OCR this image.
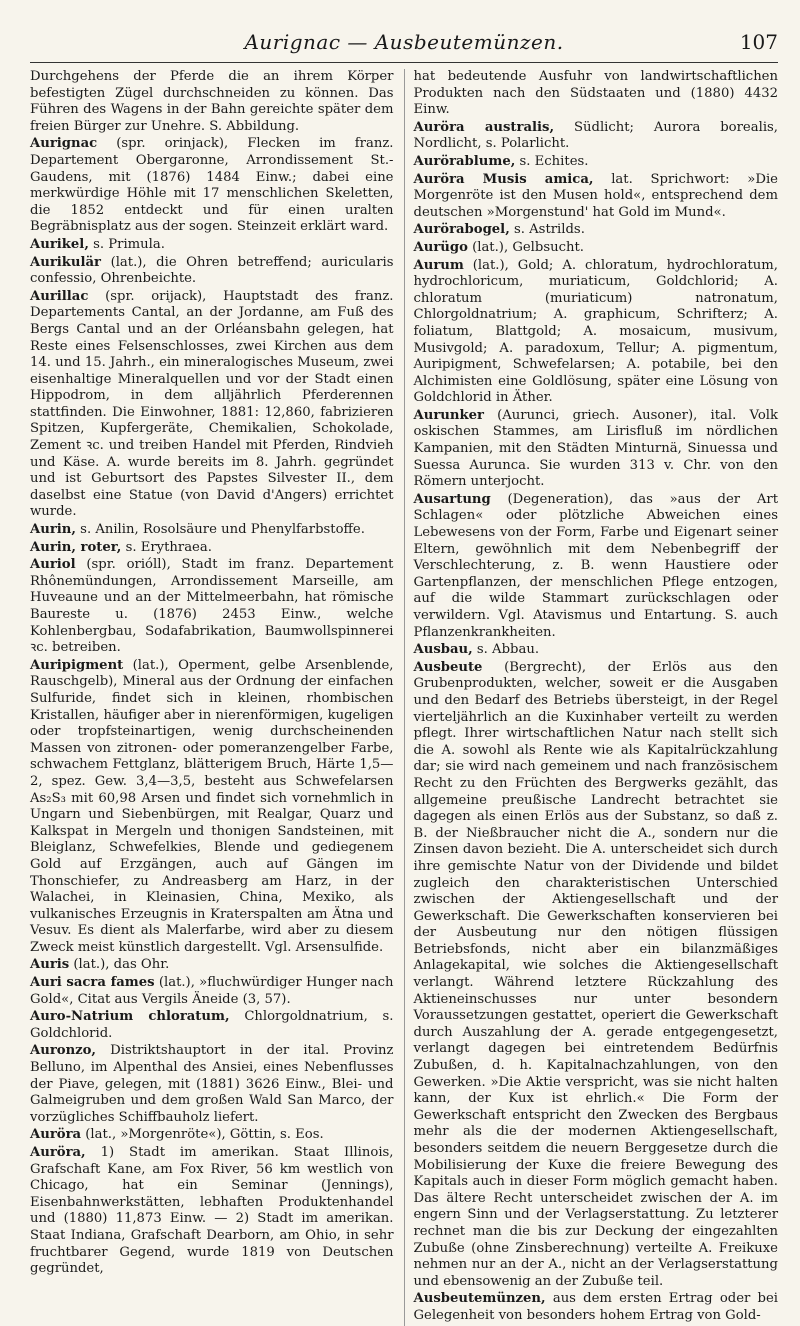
Aurignac — Ausbeutemünzen.	107

Durchgehens der Pferde die an ihrem Körper befestigten Zügel durchschneiden zu können. Das Führen des Wagens in der Bahn gereichte später dem freien Bürger zur Unehre. S. Abbildung.

Aurignac (spr. orinjack), Flecken im franz. Departement Obergaronne, Arrondissement St.-Gaudens, mit (1876) 1484 Einw.; dabei eine merkwürdige Höhle mit 17 menschlichen Skeletten, die 1852 entdeckt und für einen uralten Begräbnisplatz aus der sogen. Steinzeit erklärt ward.

Aurikel, s. Primula.

Aurikulär (lat.), die Ohren betreffend; auricularis confessio, Ohrenbeichte.

Aurillac (spr. orijack), Hauptstadt des franz. Departements Cantal, an der Jordanne, am Fuß des Bergs Cantal und an der Orléansbahn gelegen, hat Reste eines Felsenschlosses, zwei Kirchen aus dem 14. und 15. Jahrh., ein mineralogisches Museum, zwei eisenhaltige Mineralquellen und vor der Stadt einen Hippodrom, in dem alljährlich Pferderennen stattfinden. Die Einwohner, 1881: 12,860, fabrizieren Spitzen, Kupfergeräte, Chemikalien, Schokolade, Zement ꝛc. und treiben Handel mit Pferden, Rindvieh und Käse. A. wurde bereits im 8. Jahrh. gegründet und ist Geburtsort des Papstes Silvester II., dem daselbst eine Statue (von David d'Angers) errichtet wurde.

Aurin, s. Anilin, Rosolsäure und Phenylfarbstoffe.

Aurin, roter, s. Erythraea.

Auriol (spr. orióll), Stadt im franz. Departement Rhônemündungen, Arrondissement Marseille, am Huveaune und an der Mittelmeerbahn, hat römische Baureste u. (1876) 2453 Einw., welche Kohlenbergbau, Sodafabrikation, Baumwollspinnerei ꝛc. betreiben.

Auripigment (lat.), Operment, gelbe Arsenblende, Rauschgelb), Mineral aus der Ordnung der einfachen Sulfuride, findet sich in kleinen, rhombischen Kristallen, häufiger aber in nierenförmigen, kugeligen oder tropfsteinartigen, wenig durchscheinenden Massen von zitronen- oder pomeranzengelber Farbe, schwachem Fettglanz, blätterigem Bruch, Härte 1,5—2, spez. Gew. 3,4—3,5, besteht aus Schwefelarsen As₂S₃ mit 60,98 Arsen und findet sich vornehmlich in Ungarn und Siebenbürgen, mit Realgar, Quarz und Kalkspat in Mergeln und thonigen Sandsteinen, mit Bleiglanz, Schwefelkies, Blende und gediegenem Gold auf Erzgängen, auch auf Gängen im Thonschiefer, zu Andreasberg am Harz, in der Walachei, in Kleinasien, China, Mexiko, als vulkanisches Erzeugnis in Kraterspalten am Ätna und Vesuv. Es dient als Malerfarbe, wird aber zu diesem Zweck meist künstlich dargestellt. Vgl. Arsensulfide.

Auris (lat.), das Ohr.

Auri sacra fames (lat.), »fluchwürdiger Hunger nach Gold«, Citat aus Vergils Äneide (3, 57).

Auro-Natrium chloratum, Chlorgoldnatrium, s. Goldchlorid.

Auronzo, Distriktshauptort in der ital. Provinz Belluno, im Alpenthal des Ansiei, eines Nebenflusses der Piave, gelegen, mit (1881) 3626 Einw., Blei- und Galmeigruben und dem großen Wald San Marco, der vorzügliches Schiffbauholz liefert.

Auröra (lat., »Morgenröte«), Göttin, s. Eos.

Auröra, 1) Stadt im amerikan. Staat Illinois, Grafschaft Kane, am Fox River, 56 km westlich von Chicago, hat ein Seminar (Jennings), Eisenbahnwerkstätten, lebhaften Produktenhandel und (1880) 11,873 Einw. — 2) Stadt im amerikan. Staat Indiana, Grafschaft Dearborn, am Ohio, in sehr fruchtbarer Gegend, wurde 1819 von Deutschen gegründet,

hat bedeutende Ausfuhr von landwirtschaftlichen Produkten nach den Südstaaten und (1880) 4432 Einw.

Auröra australis, Südlicht; Aurora borealis, Nordlicht, s. Polarlicht.

Aurörablume, s. Echites.

Auröra Musis amica, lat. Sprichwort: »Die Morgenröte ist den Musen hold«, entsprechend dem deutschen »Morgenstund' hat Gold im Mund«.

Aurörabogel, s. Astrilds.

Aurügo (lat.), Gelbsucht.

Aurum (lat.), Gold; A. chloratum, hydrochloratum, hydrochloricum, muriaticum, Goldchlorid; A. chloratum (muriaticum) natronatum, Chlorgoldnatrium; A. graphicum, Schrifterz; A. foliatum, Blattgold; A. mosaicum, musivum, Musivgold; A. paradoxum, Tellur; A. pigmentum, Auripigment, Schwefelarsen; A. potabile, bei den Alchimisten eine Goldlösung, später eine Lösung von Goldchlorid in Äther.

Aurunker (Aurunci, griech. Ausoner), ital. Volk oskischen Stammes, am Lirisfluß im nördlichen Kampanien, mit den Städten Minturnä, Sinuessa und Suessa Aurunca. Sie wurden 313 v. Chr. von den Römern unterjocht.

Ausartung (Degeneration), das »aus der Art Schlagen« oder plötzliche Abweichen eines Lebewesens von der Form, Farbe und Eigenart seiner Eltern, gewöhnlich mit dem Nebenbegriff der Verschlechterung, z. B. wenn Haustiere oder Gartenpflanzen, der menschlichen Pflege entzogen, auf die wilde Stammart zurückschlagen oder verwildern. Vgl. Atavismus und Entartung. S. auch Pflanzenkrankheiten.

Ausbau, s. Abbau.

Ausbeute (Bergrecht), der Erlös aus den Grubenprodukten, welcher, soweit er die Ausgaben und den Bedarf des Betriebs übersteigt, in der Regel vierteljährlich an die Kuxinhaber verteilt zu werden pflegt. Ihrer wirtschaftlichen Natur nach stellt sich die A. sowohl als Rente wie als Kapitalrückzahlung dar; sie wird nach gemeinem und nach französischem Recht zu den Früchten des Bergwerks gezählt, das allgemeine preußische Landrecht betrachtet sie dagegen als einen Erlös aus der Substanz, so daß z. B. der Nießbraucher nicht die A., sondern nur die Zinsen davon bezieht. Die A. unterscheidet sich durch ihre gemischte Natur von der Dividende und bildet zugleich den charakteristischen Unterschied zwischen der Aktiengesellschaft und der Gewerkschaft. Die Gewerkschaften konservieren bei der Ausbeutung nur den nötigen flüssigen Betriebsfonds, nicht aber ein bilanzmäßiges Anlagekapital, wie solches die Aktiengesellschaft verlangt. Während letztere Rückzahlung des Aktieneinschusses nur unter besondern Voraussetzungen gestattet, operiert die Gewerkschaft durch Auszahlung der A. gerade entgegengesetzt, verlangt dagegen bei eintretendem Bedürfnis Zubußen, d. h. Kapitalnachzahlungen, von den Gewerken. »Die Aktie verspricht, was sie nicht halten kann, der Kux ist ehrlich.« Die Form der Gewerkschaft entspricht den Zwecken des Bergbaus mehr als die der modernen Aktiengesellschaft, besonders seitdem die neuern Berggesetze durch die Mobilisierung der Kuxe die freiere Bewegung des Kapitals auch in dieser Form möglich gemacht haben. Das ältere Recht unterscheidet zwischen der A. im engern Sinn und der Verlagserstattung. Zu letzterer rechnet man die bis zur Deckung der eingezahlten Zubuße (ohne Zinsberechnung) verteilte A. Freikuxe nehmen nur an der A., nicht an der Verlagserstattung und ebensowenig an der Zubuße teil.

Ausbeutemünzen, aus dem ersten Ertrag oder bei Gelegenheit von besonders hohem Ertrag von Gold-
